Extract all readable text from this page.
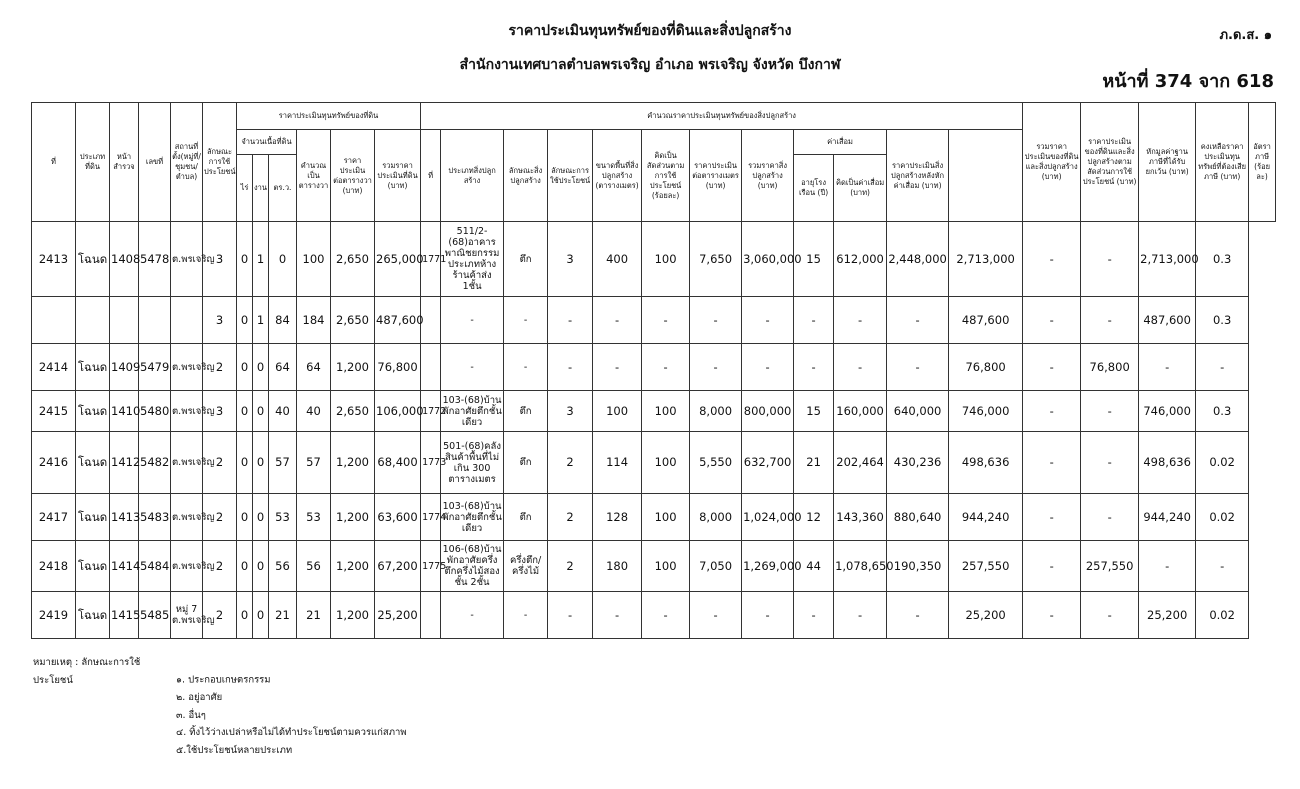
ราคาประเมินทุนทรัพย์ของที่ดินและสิ่งปลูกสร้าง
สำนักงานเทศบาลตำบลพรเจริญ อำเภอ พรเจริญ จังหวัด บึงกาฬ
ภ.ด.ส. ๑
หน้าที่ 374 จาก 618
ที่	ประเภทที่ดิน	หน้าสำรวจ	เลขที่	สถานที่ตั้ง(หมู่ที่/ชุมชน/ตำบล)	ลักษณะการใช้ประโยชน์	ราคาประเมินทุนทรัพย์ของที่ดิน						คำนวณราคาประเมินทุนทรัพย์ของสิ่งปลูกสร้าง												รวมราคาประเมินของที่ดินและสิ่งปลูกสร้าง (บาท)	ราคาประเมินของที่ดินและสิ่งปลูกสร้างตามสัดส่วนการใช้ประโยชน์ (บาท)	หักมูลค่าฐานภาษีที่ได้รับยกเว้น (บาท)	คงเหลือราคาประเมินทุนทรัพย์ที่ต้องเสียภาษี (บาท)	อัตราภาษี (ร้อยละ)
						จำนวนเนื้อที่ดิน			คำนวณเป็นตารางวา	ราคาประเมินต่อตารางวา (บาท)	รวมราคาประเมินที่ดิน (บาท)	ที่	ประเภทสิ่งปลูกสร้าง	ลักษณะสิ่งปลูกสร้าง	ลักษณะการใช้ประโยชน์	ขนาดพื้นที่สิ่งปลูกสร้าง (ตารางเมตร)	คิดเป็นสัดส่วนตามการใช้ประโยชน์ (ร้อยละ)	ราคาประเมินต่อตารางเมตร (บาท)	รวมราคาสิ่งปลูกสร้าง (บาท)	ค่าเสื่อม		ราคาประเมินสิ่งปลูกสร้างหลังหักค่าเสื่อม (บาท)						
						ไร่	งาน	ตร.ว.												อายุโรงเรือน (ปี)	คิดเป็นค่าเสื่อม (บาท)							
2413	โฉนด	1408	5478	ต.พรเจริญ	3	0	1	0	100	2,650	265,000	1771	511/2-(68)อาคารพาณิชยกรรมประเภทห้างร้านค้าส่ง 1ชั้น	ตึก	3	400	100	7,650	3,060,000	15	612,000	2,448,000	2,713,000	-	-	2,713,000	0.3	
					3	0	1	84	184	2,650	487,600		-	-	-	-	-	-	-	-	-	-	487,600	-	-	487,600	0.3	
2414	โฉนด	1409	5479	ต.พรเจริญ	2	0	0	64	64	1,200	76,800		-	-	-	-	-	-	-	-	-	-	76,800	-	76,800	-	-	
2415	โฉนด	1410	5480	ต.พรเจริญ	3	0	0	40	40	2,650	106,000	1772	103-(68)บ้านพักอาศัยตึกชั้นเดียว	ตึก	3	100	100	8,000	800,000	15	160,000	640,000	746,000	-	-	746,000	0.3	
2416	โฉนด	1412	5482	ต.พรเจริญ	2	0	0	57	57	1,200	68,400	1773	501-(68)คลังสินค้าพื้นที่ไม่เกิน 300 ตารางเมตร	ตึก	2	114	100	5,550	632,700	21	202,464	430,236	498,636	-	-	498,636	0.02	
2417	โฉนด	1413	5483	ต.พรเจริญ	2	0	0	53	53	1,200	63,600	1774	103-(68)บ้านพักอาศัยตึกชั้นเดียว	ตึก	2	128	100	8,000	1,024,000	12	143,360	880,640	944,240	-	-	944,240	0.02	
2418	โฉนด	1414	5484	ต.พรเจริญ	2	0	0	56	56	1,200	67,200	1775	106-(68)บ้านพักอาศัยครึ่งตึกครึ่งไม้สองชั้น 2ชั้น	ครึ่งตึก/ครึ่งไม้	2	180	100	7,050	1,269,000	44	1,078,650	190,350	257,550	-	257,550	-	-	
2419	โฉนด	1415	5485	หมู่ 7 ต.พรเจริญ	2	0	0	21	21	1,200	25,200		-	-	-	-	-	-	-	-	-	-	25,200	-	-	25,200	0.02	
หมายเหตุ : ลักษณะการใช้ประโยชน์	๑. ประกอบเกษตรกรรม
๒. อยู่อาศัย
๓. อื่นๆ
๔. ทิ้งไว้ว่างเปล่าหรือไม่ได้ทำประโยชน์ตามควรแก่สภาพ
๕.ใช้ประโยชน์หลายประเภท
